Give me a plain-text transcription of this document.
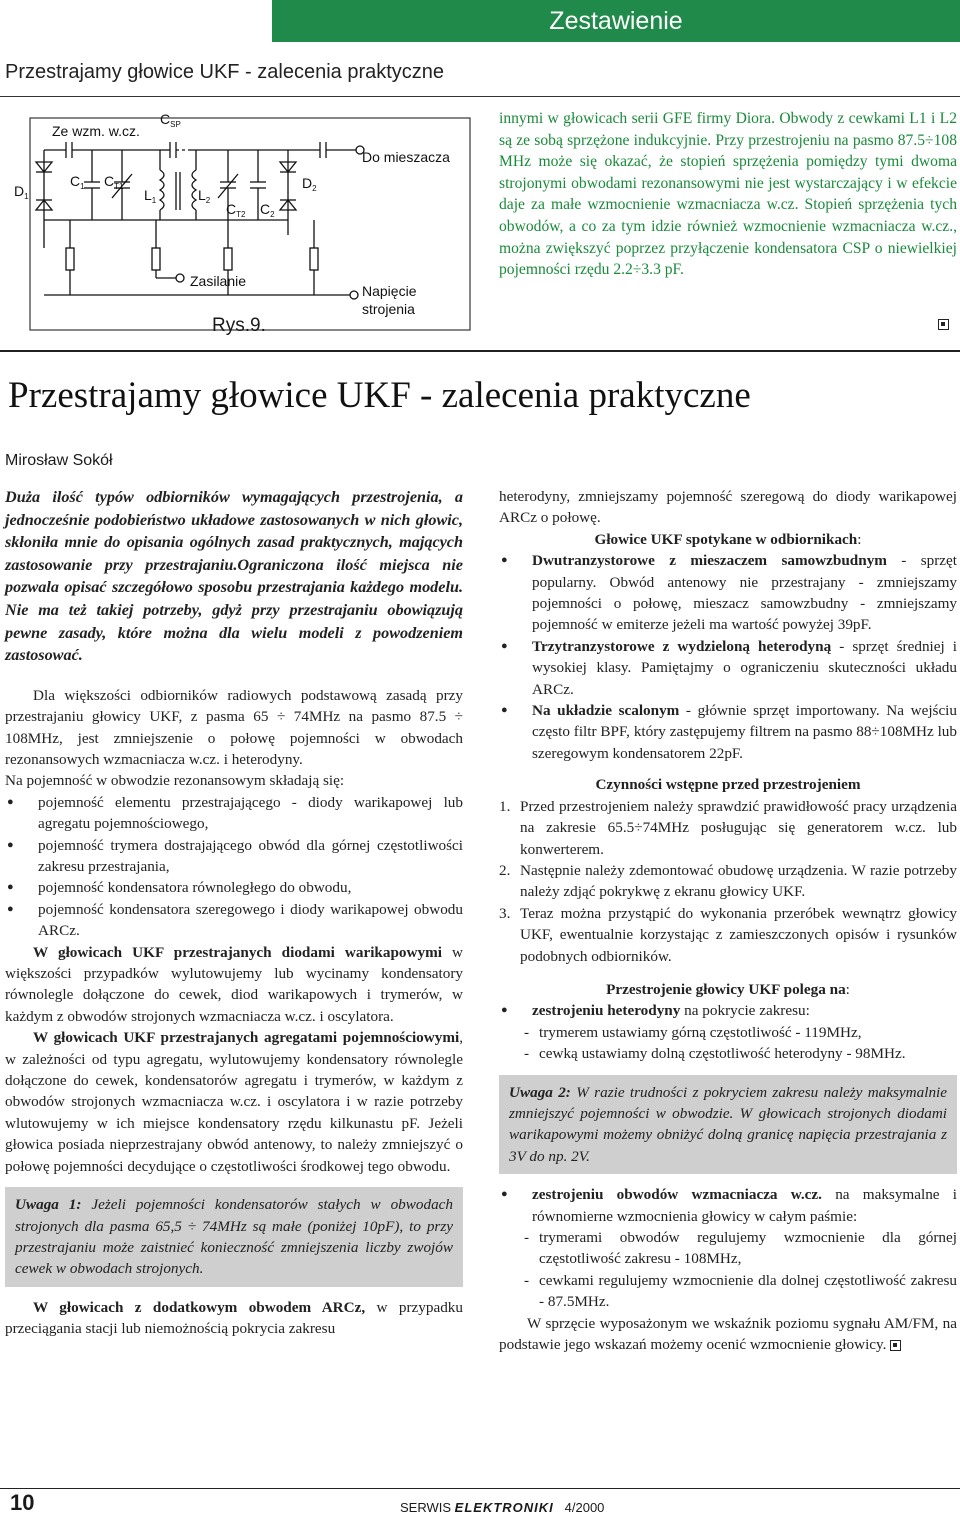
Zestawienie
Przestrajamy głowice UKF - zalecenia praktyczne
Ze wzm. w.cz.
$C_{SP}$
Do mieszacza
$C_1$ $C_{T1}$
$L_1$	$L_2$
$C_{T2}$ $C_2$
$D_1$
$D_2$
Zasilanie
Napięcie
strojenia
Rys.9.
innymi w głowicach serii GFE firmy Diora. Obwody z cewkami L1 i L2 są ze sobą sprzężone indukcyjnie. Przy przestrojeniu na pasmo 87.5÷108 MHz może się okazać, że stopień sprzężenia pomiędzy tymi dwoma strojonymi obwodami rezonansowymi nie jest wystarczający i w efekcie daje za małe wzmocnienie wzmacniacza w.cz. Stopień sprzężenia tych obwodów, a co za tym idzie również wzmocnienie wzmacniacza w.cz., można zwiększyć poprzez przyłączenie kondensatora CSP o niewielkiej pojemności rzędu 2.2÷3.3 pF.
Przestrajamy głowice UKF - zalecenia praktyczne
Mirosław Sokół

Duża ilość typów odbiorników wymagających przestrojenia, a jednocześnie podobieństwo układowe zastosowanych w nich głowic, skłoniła mnie do opisania ogólnych zasad praktycznych, mających zastosowanie przy przestrajaniu.Ograniczona ilość miejsca nie pozwala opisać szczegółowo sposobu przestrajania każdego modelu. Nie ma też takiej potrzeby, gdyż przy przestrajaniu obowiązują pewne zasady, które można dla wielu modeli z powodzeniem zastosować.

Dla większości odbiorników radiowych podstawową zasadą przy przestrajaniu głowicy UKF, z pasma 65 ÷ 74MHz na pasmo 87.5 ÷ 108MHz, jest zmniejszenie o połowę pojemności w obwodach rezonansowych wzmacniacza w.cz. i heterodyny.

Na pojemność w obwodzie rezonansowym składają się:

● pojemność elementu przestrajającego - diody warikapowej lub agregatu pojemnościowego,
● pojemność trymera dostrajającego obwód dla górnej częstotliwości zakresu przestrajania,
● pojemność kondensatora równoległego do obwodu,
● pojemność kondensatora szeregowego i diody warikapowej obwodu ARCz.

W głowicach UKF przestrajanych diodami warikapowymi w większości przypadków wylutowujemy lub wycinamy kondensatory równolegle dołączone do cewek, diod warikapowych i trymerów, w każdym z obwodów strojonych wzmacniacza w.cz. i oscylatora.

W głowicach UKF przestrajanych agregatami pojemnościowymi, w zależności od typu agregatu, wylutowujemy kondensatory równolegle dołączone do cewek, kondensatorów agregatu i trymerów, w każdym z obwodów strojonych wzmacniacza w.cz. i oscylatora i w razie potrzeby wlutowujemy w ich miejsce kondensatory rzędu kilkunastu pF. Jeżeli głowica posiada nieprzestrajany obwód antenowy, to należy zmniejszyć o połowę pojemności decydujące o częstotliwości środkowej tego obwodu.

Uwaga 1: Jeżeli pojemności kondensatorów stałych w obwodach strojonych dla pasma 65,5 ÷ 74MHz są małe (poniżej 10pF), to przy przestrajaniu może zaistnieć konieczność zmniejszenia liczby zwojów cewek w obwodach strojonych.

W głowicach z dodatkowym obwodem ARCz, w przypadku przeciągania stacji lub niemożnością pokrycia zakresu

heterodyny, zmniejszamy pojemność szeregową do diody warikapowej ARCz o połowę.

Głowice UKF spotykane w odbiornikach:

● Dwutranzystorowe z mieszaczem samowzbudnym - sprzęt popularny. Obwód antenowy nie przestrajany - zmniejszamy pojemności o połowę, mieszacz samowzbudny - zmniejszamy pojemność w emiterze jeżeli ma wartość powyżej 39pF.
● Trzytranzystorowe z wydzieloną heterodyną - sprzęt średniej i wysokiej klasy. Pamiętajmy o ograniczeniu skuteczności układu ARCz.
● Na układzie scalonym - głównie sprzęt importowany. Na wejściu często filtr BPF, który zastępujemy filtrem na pasmo 88÷108MHz lub szeregowym kondensatorem 22pF.

Czynności wstępne przed przestrojeniem

1. Przed przestrojeniem należy sprawdzić prawidłowość pracy urządzenia na zakresie 65.5÷74MHz posługując się generatorem w.cz. lub konwerterem.
2. Następnie należy zdemontować obudowę urządzenia. W razie potrzeby należy zdjąć pokrykwę z ekranu głowicy UKF.
3. Teraz można przystąpić do wykonania przeróbek wewnątrz głowicy UKF, ewentualnie korzystając z zamieszczonych opisów i rysunków podobnych odbiorników.

Przestrojenie głowicy UKF polega na:

● zestrojeniu heterodyny na pokrycie zakresu:
- trymerem ustawiamy górną częstotliwość - 119MHz,
- cewką ustawiamy dolną częstotliwość heterodyny - 98MHz.
Uwaga 2: W razie trudności z pokryciem zakresu należy maksymalnie zmniejszyć pojemności w obwodzie. W głowicach strojonych diodami warikapowymi możemy obniżyć dolną granicę napięcia przestrajania z 3V do np. 2V.
● zestrojeniu obwodów wzmacniacza w.cz. na maksymalne i równomierne wzmocnienia głowicy w całym paśmie:
- trymerami obwodów regulujemy wzmocnienie dla górnej częstotliwość zakresu - 108MHz,
- cewkami regulujemy wzmocnienie dla dolnej częstotliwość zakresu - 87.5MHz.

W sprzęcie wyposażonym we wskaźnik poziomu sygnału AM/FM, na podstawie jego wskazań możemy ocenić wzmocnienie głowicy.

10	SERWIS ELEKTRONIKI 4/2000
